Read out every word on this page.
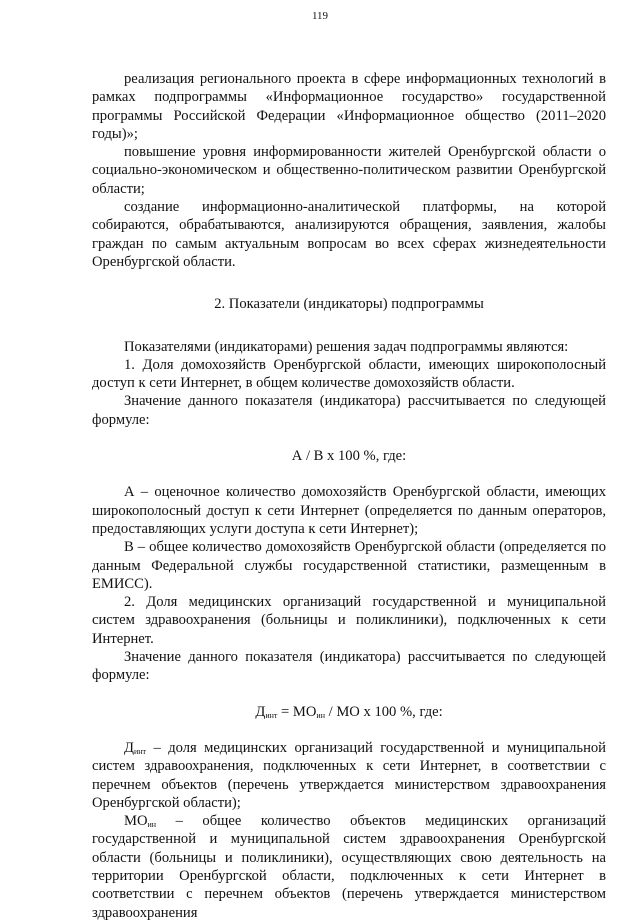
119

реализация регионального проекта в сфере информационных технологий в рамках подпрограммы «Информационное государство» государственной программы Российской Федерации «Информационное общество (2011–2020 годы)»;

повышение уровня информированности жителей Оренбургской области о социально-экономическом и общественно-политическом развитии Оренбургской области;

создание информационно-аналитической платформы, на которой собираются, обрабатываются, анализируются обращения, заявления, жалобы граждан по самым актуальным вопросам во всех сферах жизнедеятельности Оренбургской области.

2. Показатели (индикаторы) подпрограммы

Показателями (индикаторами) решения задач подпрограммы являются:

1. Доля домохозяйств Оренбургской области, имеющих широкополосный доступ к сети Интернет, в общем количестве домохозяйств области.

Значение данного показателя (индикатора) рассчитывается по следующей формуле:

А / В х 100 %, где:

А – оценочное количество домохозяйств Оренбургской области, имеющих широкополосный доступ к сети Интернет (определяется по данным операторов, предоставляющих услуги доступа к сети Интернет);

В – общее количество домохозяйств Оренбургской области (определяется по данным Федеральной службы государственной статистики, размещенным в ЕМИСС).

2. Доля медицинских организаций государственной и муниципальной систем здравоохранения (больницы и поликлиники), подключенных к сети Интернет.

Значение данного показателя (индикатора) рассчитывается по следующей формуле:

$Д_{инт} = МО_{ин}$ / МО х 100 %, где:

$Д_{инт}$ – доля медицинских организаций государственной и муниципальной систем здравоохранения, подключенных к сети Интернет, в соответствии с перечнем объектов (перечень утверждается министерством здравоохранения Оренбургской области);

$МО_{ин}$ – общее количество объектов медицинских организаций государственной и муниципальной систем здравоохранения Оренбургской области (больницы и поликлиники), осуществляющих свою деятельность на территории Оренбургской области, подключенных к сети Интернет в соответствии с перечнем объектов (перечень утверждается министерством здравоохранения
